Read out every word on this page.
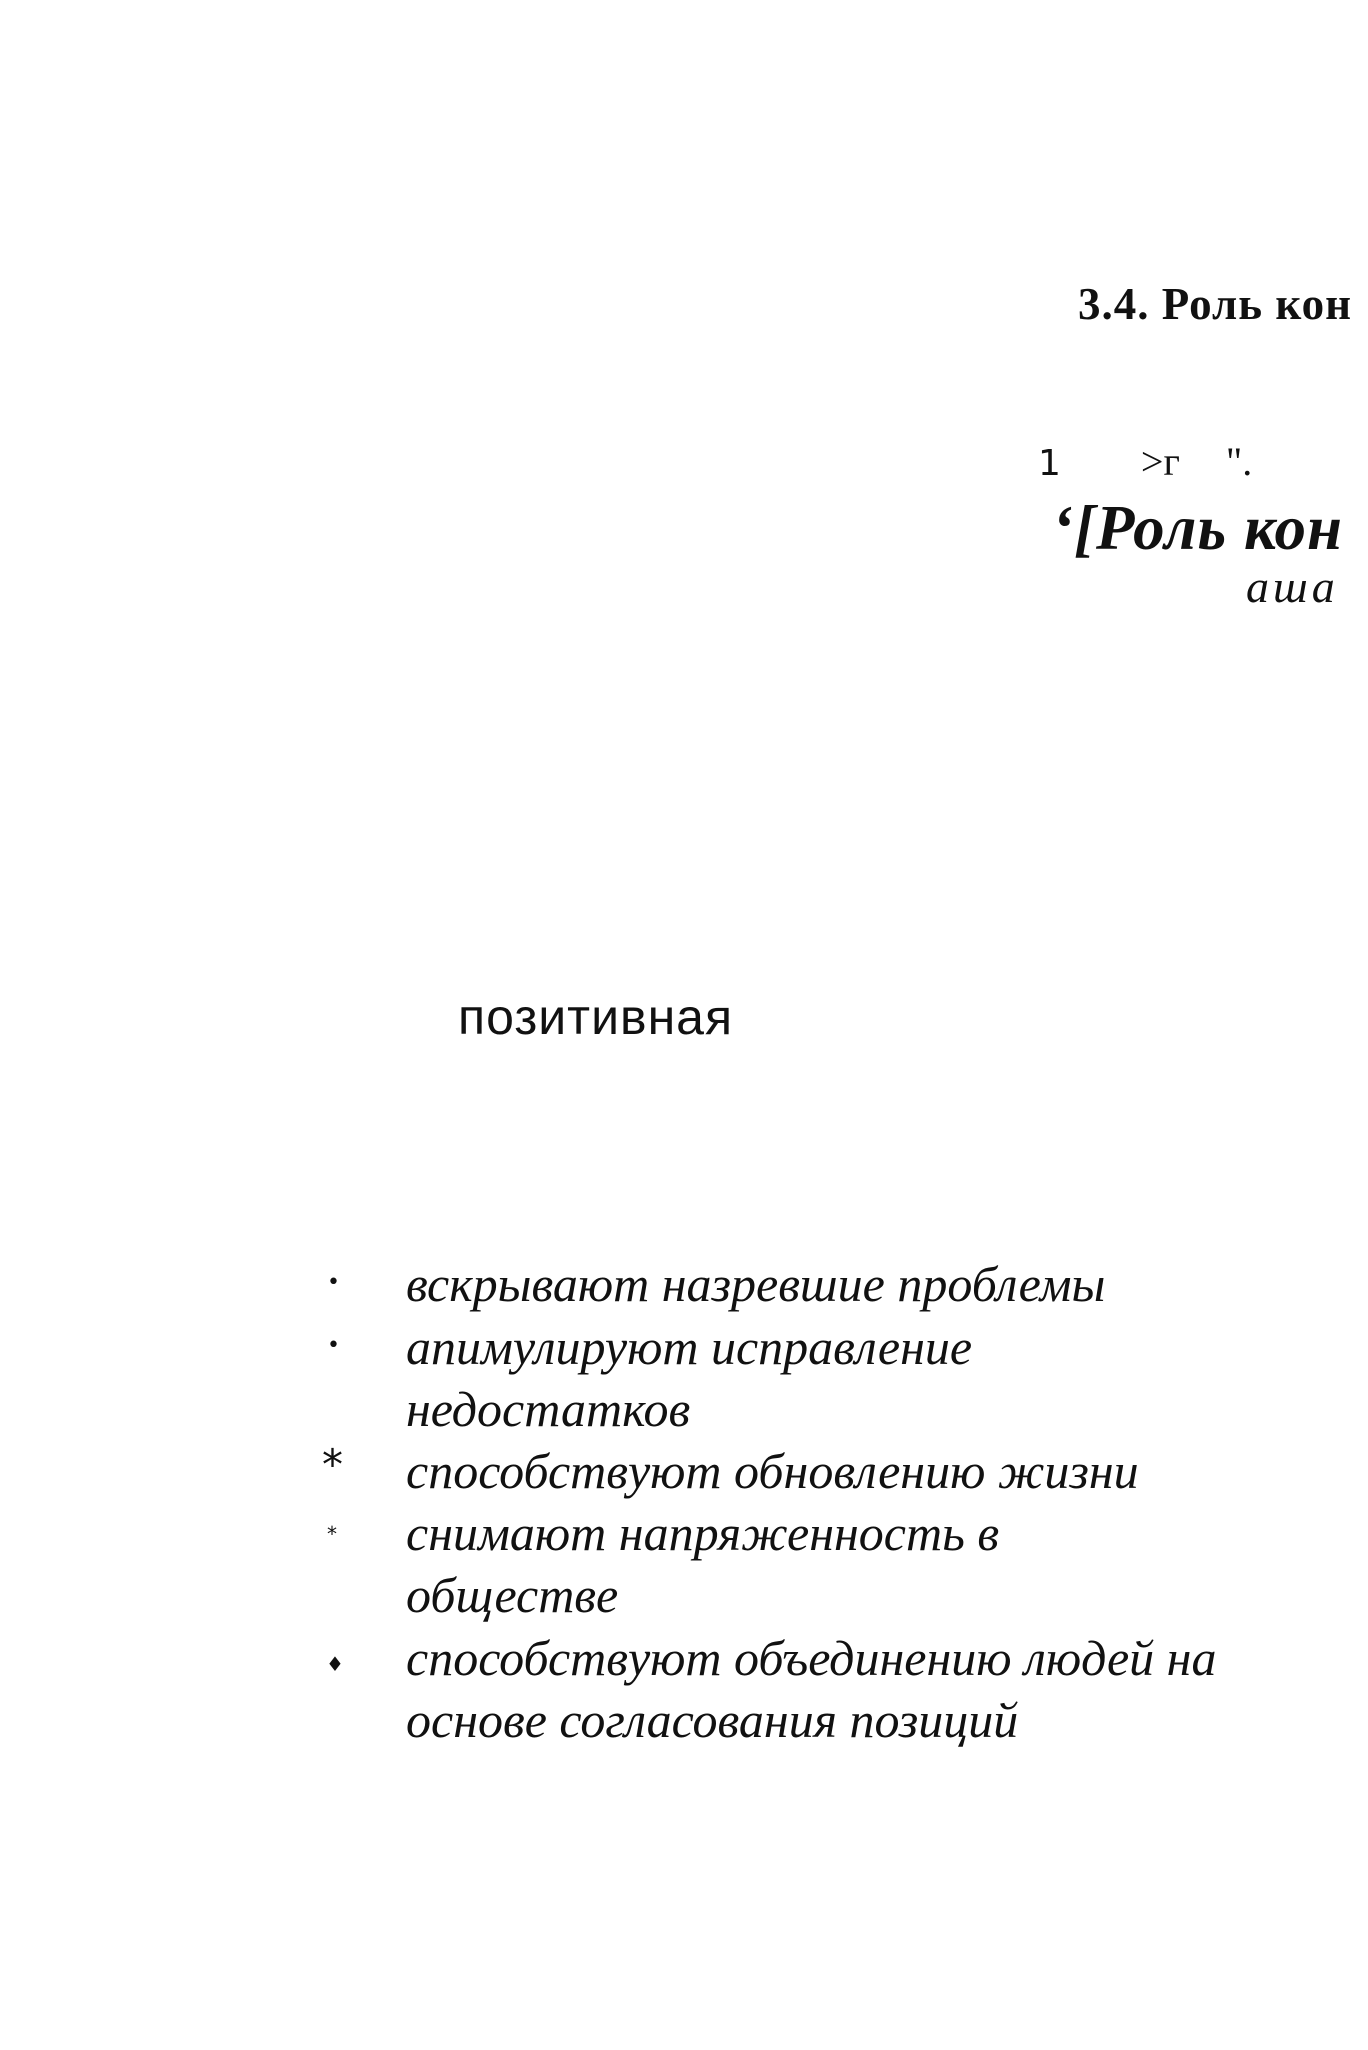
3.4. Роль кон
1 >г ".
‘[Роль кон
аша
позитивная
• вскрывают назревшие проблемы
• апимулируют исправление
недостатков
* способствуют обновлению жизни
* снимают напряженность в
обществе
♦ способствуют объединению людей на
основе согласования позиций
